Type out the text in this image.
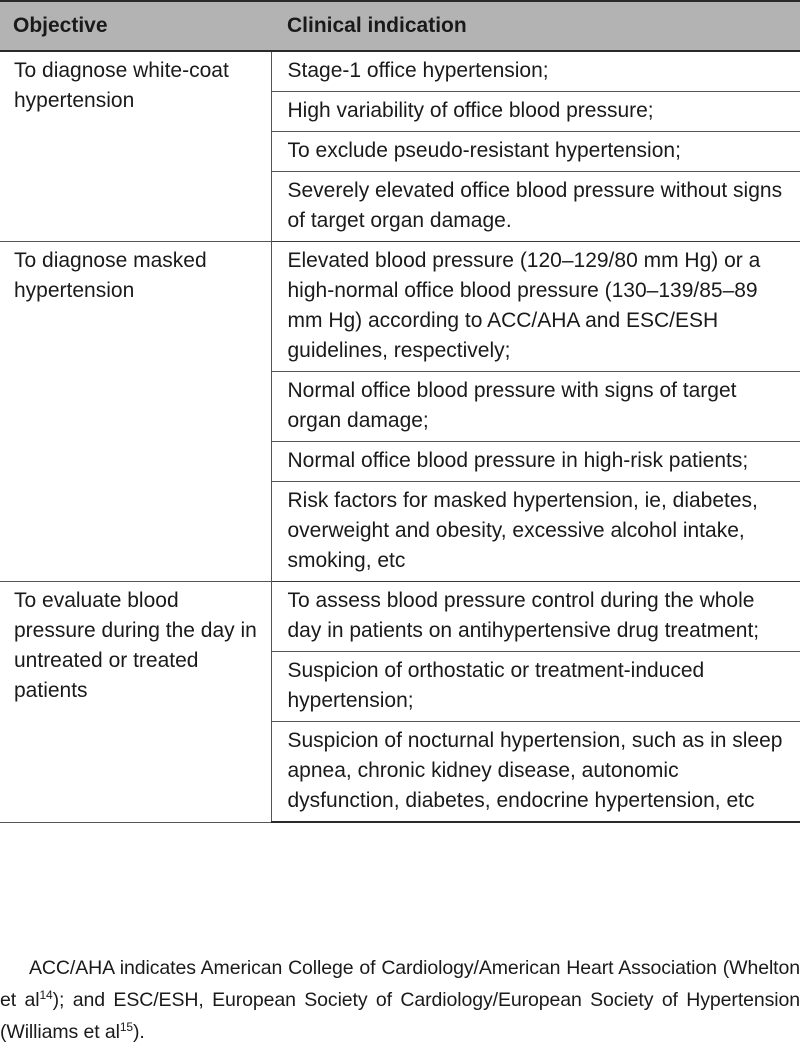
Objective	Clinical indication
To diagnose white-coat hypertension	Stage-1 office hypertension;
	High variability of office blood pressure;
	To exclude pseudo-resistant hypertension;
	Severely elevated office blood pressure without signs of target organ damage.
To diagnose masked hypertension	Elevated blood pressure (120–129/80 mm Hg) or a high-normal office blood pressure (130–139/85–89 mm Hg) according to ACC/AHA and ESC/ESH guidelines, respectively;
	Normal office blood pressure with signs of target organ damage;
	Normal office blood pressure in high-risk patients;
	Risk factors for masked hypertension, ie, diabetes, overweight and obesity, excessive alcohol intake, smoking, etc
To evaluate blood pressure during the day in untreated or treated patients	To assess blood pressure control during the whole day in patients on antihypertensive drug treatment;
	Suspicion of orthostatic or treatment-induced hypertension;
	Suspicion of nocturnal hypertension, such as in sleep apnea, chronic kidney disease, autonomic dysfunction, diabetes, endocrine hypertension, etc

ACC/AHA indicates American College of Cardiology/American Heart Association (Whelton et $al^{14}$); and ESC/ESH, European Society of Cardiology/European Society of Hypertension (Williams et $al^{15}$).
